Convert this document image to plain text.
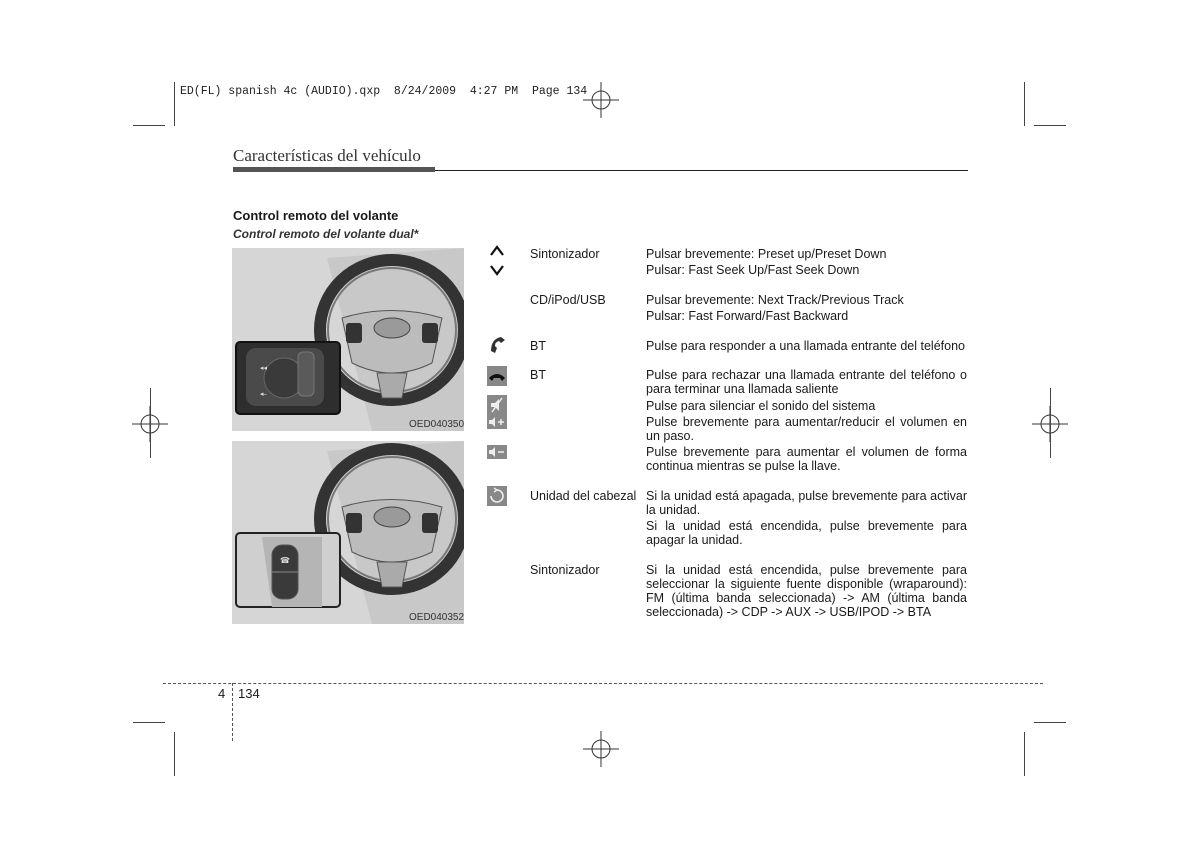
ED(FL) spanish 4c (AUDIO).qxp  8/24/2009  4:27 PM  Page 134
Características del vehículo
Control remoto del volante
Control remoto del volante dual*
◂◂
◂–
OED040350
☎
OED040352
Sintonizador
CD/iPod/USB
BT
BT
Unidad del cabezal
Sintonizador
Pulsar brevemente: Preset up/Preset Down
Pulsar: Fast Seek Up/Fast Seek Down
Pulsar brevemente: Next Track/Previous Track
Pulsar: Fast Forward/Fast Backward
Pulse para responder a una llamada entrante del teléfono
Pulse para rechazar una llamada entrante del teléfono o para terminar una llamada saliente
Pulse para silenciar el sonido del sistema
Pulse brevemente para aumentar/reducir el volumen en un paso.
Pulse brevemente para aumentar el volumen de forma continua mientras se pulse la llave.
Si la unidad está apagada, pulse brevemente para activar la unidad.
Si la unidad está encendida, pulse brevemente para apagar la unidad.
Si la unidad está encendida, pulse brevemente para seleccionar la siguiente fuente disponible (wraparound): FM (última banda seleccionada) -> AM (última banda seleccionada) -> CDP -> AUX -> USB/IPOD -> BTA
4 134
